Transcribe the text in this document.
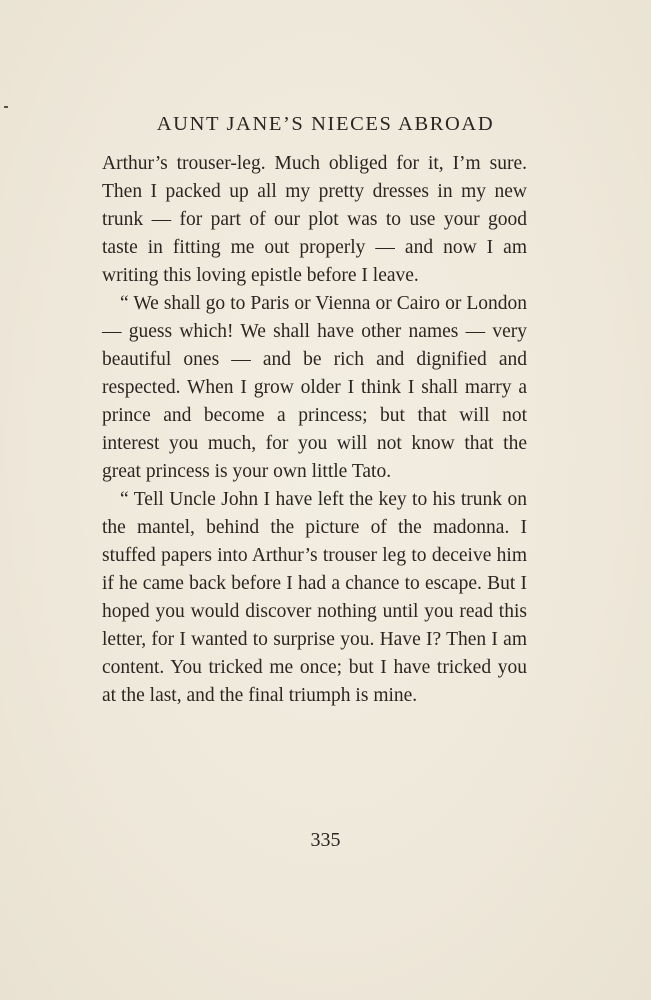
AUNT JANE’S NIECES ABROAD

Arthur’s trouser-leg. Much obliged for it, I’m sure. Then I packed up all my pretty dresses in my new trunk — for part of our plot was to use your good taste in fitting me out properly — and now I am writing this loving epistle before I leave.

“ We shall go to Paris or Vienna or Cairo or London — guess which! We shall have other names — very beautiful ones — and be rich and dignified and respected. When I grow older I think I shall marry a prince and become a princess; but that will not interest you much, for you will not know that the great princess is your own little Tato.

“ Tell Uncle John I have left the key to his trunk on the mantel, behind the picture of the madonna. I stuffed papers into Arthur’s trouser leg to deceive him if he came back before I had a chance to escape. But I hoped you would discover nothing until you read this letter, for I wanted to surprise you. Have I? Then I am content. You tricked me once; but I have tricked you at the last, and the final triumph is mine.

335
